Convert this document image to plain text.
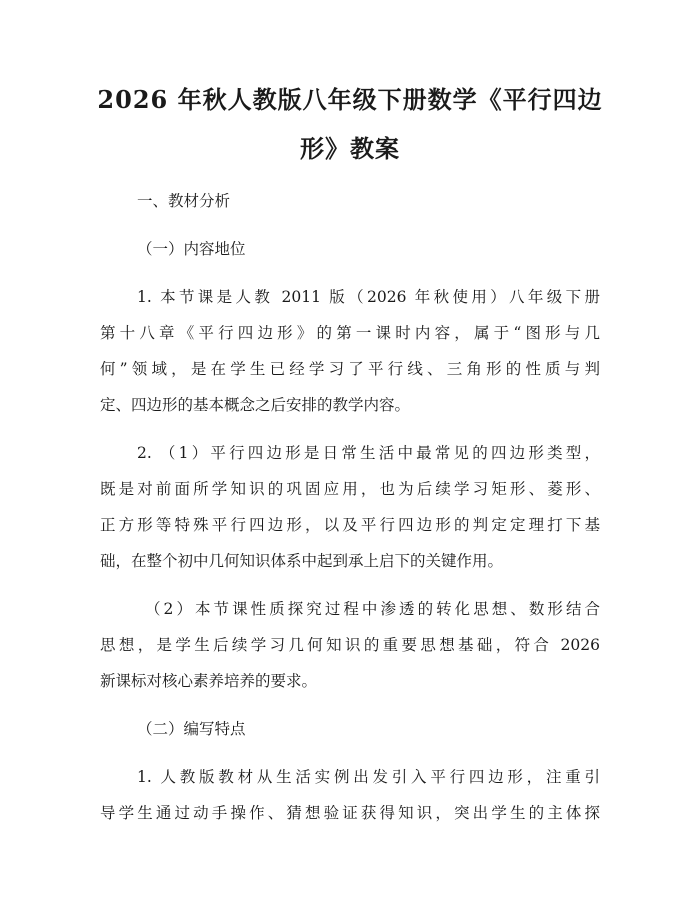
2026 年秋人教版八年级下册数学《平行四边
形》教案

一、教材分析

（一）内容地位

1. 本节课是人教 2011 版（2026 年秋使用）八年级下册

第十八章《平行四边形》的第一课时内容，属于“图形与几

何”领域，是在学生已经学习了平行线、三角形的性质与判

定、四边形的基本概念之后安排的教学内容。

2. （1）平行四边形是日常生活中最常见的四边形类型，

既是对前面所学知识的巩固应用，也为后续学习矩形、菱形、

正方形等特殊平行四边形，以及平行四边形的判定定理打下基

础，在整个初中几何知识体系中起到承上启下的关键作用。

（2）本节课性质探究过程中渗透的转化思想、数形结合

思想，是学生后续学习几何知识的重要思想基础，符合 2026

新课标对核心素养培养的要求。

（二）编写特点

1. 人教版教材从生活实例出发引入平行四边形，注重引

导学生通过动手操作、猜想验证获得知识，突出学生的主体探
